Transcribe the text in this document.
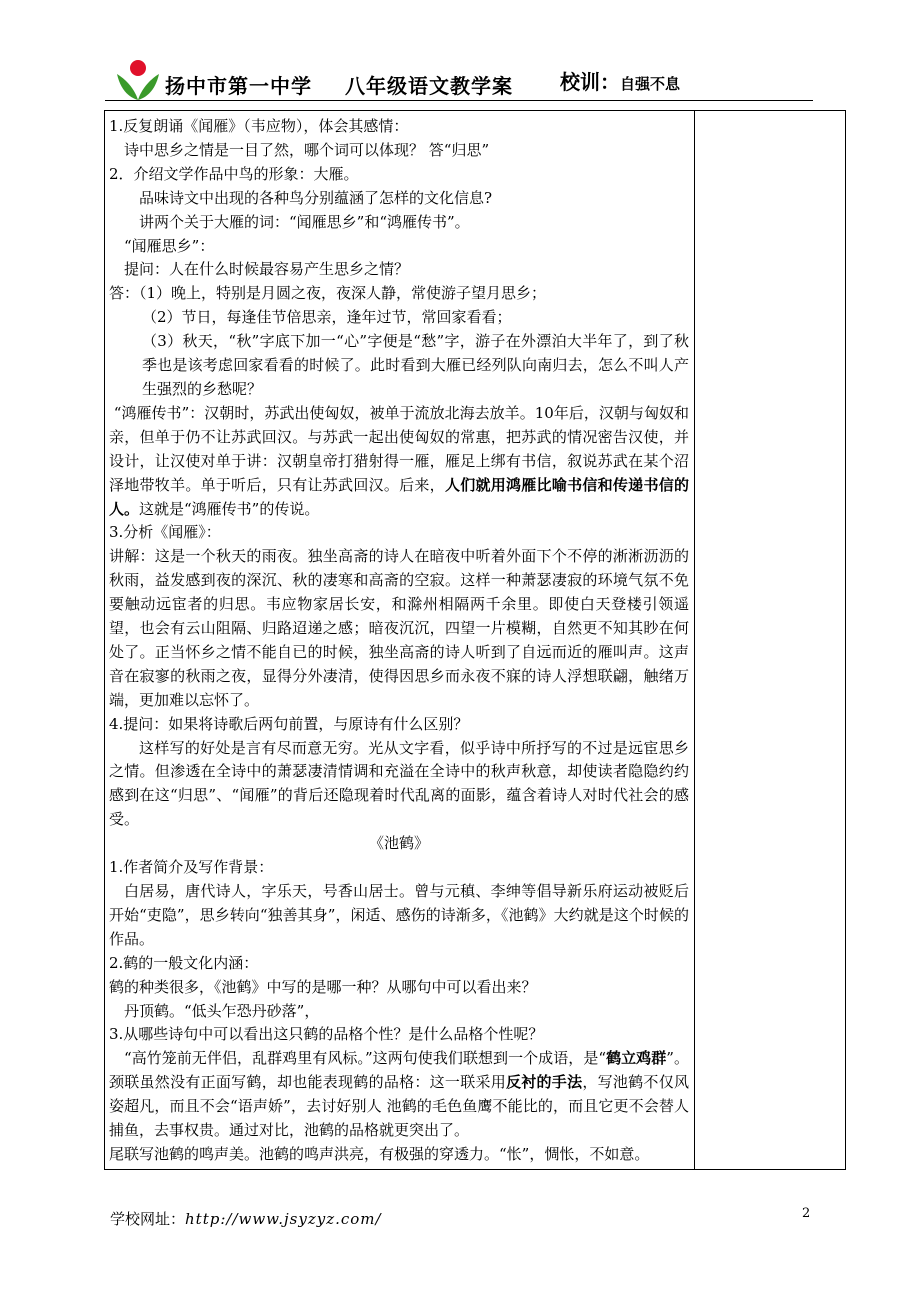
扬中市第一中学 八年级语文教学案 校训：自强不息

1.反复朗诵《闻雁》（韦应物），体会其感情：

诗中思乡之情是一目了然，哪个词可以体现？ 答“归思”

2．介绍文学作品中鸟的形象：大雁。

品味诗文中出现的各种鸟分别蕴涵了怎样的文化信息?

讲两个关于大雁的词：“闻雁思乡”和“鸿雁传书”。

“闻雁思乡”：

提问：人在什么时候最容易产生思乡之情？

答：（1）晚上，特别是月圆之夜，夜深人静，常使游子望月思乡；

（2）节日，每逢佳节倍思亲，逢年过节，常回家看看；

（3）秋天，“秋”字底下加一“心”字便是“愁”字，游子在外漂泊大半年了，到了秋季也是该考虑回家看看的时候了。此时看到大雁已经列队向南归去，怎么不叫人产生强烈的乡愁呢？

“鸿雁传书”：汉朝时，苏武出使匈奴，被单于流放北海去放羊。10年后，汉朝与匈奴和亲，但单于仍不让苏武回汉。与苏武一起出使匈奴的常惠，把苏武的情况密告汉使，并设计，让汉使对单于讲：汉朝皇帝打猎射得一雁，雁足上绑有书信，叙说苏武在某个沼泽地带牧羊。单于听后，只有让苏武回汉。后来，人们就用鸿雁比喻书信和传递书信的人。这就是“鸿雁传书”的传说。

3.分析《闻雁》：

讲解：这是一个秋天的雨夜。独坐高斋的诗人在暗夜中听着外面下个不停的淅淅沥沥的秋雨，益发感到夜的深沉、秋的凄寒和高斋的空寂。这样一种萧瑟凄寂的环境气氛不免要触动远宦者的归思。韦应物家居长安，和滁州相隔两千余里。即使白天登楼引领遥望，也会有云山阻隔、归路迢递之感；暗夜沉沉，四望一片模糊，自然更不知其眇在何处了。正当怀乡之情不能自已的时候，独坐高斋的诗人听到了自远而近的雁叫声。这声音在寂寥的秋雨之夜，显得分外凄清，使得因思乡而永夜不寐的诗人浮想联翩，触绪万端，更加难以忘怀了。

4.提问：如果将诗歌后两句前置，与原诗有什么区别？

这样写的好处是言有尽而意无穷。光从文字看，似乎诗中所抒写的不过是远宦思乡之情。但渗透在全诗中的萧瑟凄清情调和充溢在全诗中的秋声秋意，却使读者隐隐约约感到在这“归思”、“闻雁”的背后还隐现着时代乱离的面影，蕴含着诗人对时代社会的感受。

《池鹤》

1.作者简介及写作背景：

白居易，唐代诗人，字乐天，号香山居士。曾与元稹、李绅等倡导新乐府运动被贬后开始“吏隐”，思乡转向“独善其身”，闲适、感伤的诗渐多，《池鹤》大约就是这个时候的作品。

2.鹤的一般文化内涵：

鹤的种类很多，《池鹤》中写的是哪一种？从哪句中可以看出来？

丹顶鹤。“低头乍恐丹砂落”，

3.从哪些诗句中可以看出这只鹤的品格个性？是什么品格个性呢？

“高竹笼前无伴侣，乱群鸡里有风标。”这两句使我们联想到一个成语，是“鹤立鸡群”。颈联虽然没有正面写鹤，却也能表现鹤的品格：这一联采用反衬的手法，写池鹤不仅风姿超凡，而且不会“语声娇”，去讨好别人 池鹤的毛色鱼鹰不能比的，而且它更不会替人捕鱼，去事权贵。通过对比，池鹤的品格就更突出了。

尾联写池鹤的鸣声美。池鹤的鸣声洪亮，有极强的穿透力。“怅”，惆怅，不如意。

学校网址：http://www.jsyzyz.com/	2
